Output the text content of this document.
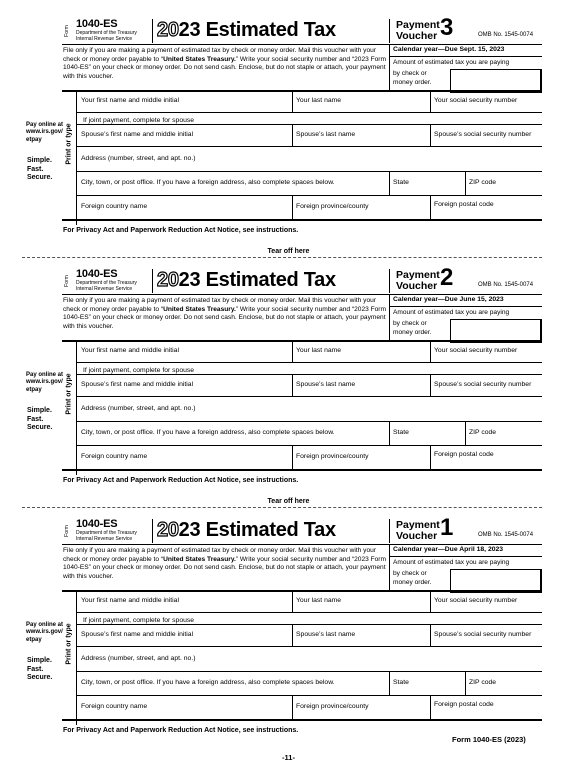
Form
1040-ES
Department of the Treasury
Internal Revenue Service 2023 Estimated Tax	Payment
Voucher 3	OMB No. 1545-0074
File only if you are making a payment of estimated tax by check or money order. Mail this voucher with your check or money order payable to “United States Treasury.” Write your social security number and “2023 Form 1040-ES” on your check or money order. Do not send cash. Enclose, but do not staple or attach, your payment with this voucher.
Calendar year—Due Sept. 15, 2023
Amount of estimated tax you are paying
by check or
money order.
Print or type
Your first name and middle initial	Your last name	Your social security number
If joint payment, complete for spouse
Spouse’s first name and middle initial	Spouse’s last name	Spouse’s social security number
Address (number, street, and apt. no.)
City, town, or post office. If you have a foreign address, also complete spaces below.	State	ZIP code
Foreign country name	Foreign province/county	Foreign postal code
Pay online at
www.irs.gov/
etpay
Simple.
Fast.
Secure.
For Privacy Act and Paperwork Reduction Act Notice, see instructions.
Form
1040-ES
Department of the Treasury
Internal Revenue Service 2023 Estimated Tax	Payment
Voucher 2	OMB No. 1545-0074
File only if you are making a payment of estimated tax by check or money order. Mail this voucher with your check or money order payable to “United States Treasury.” Write your social security number and “2023 Form 1040-ES” on your check or money order. Do not send cash. Enclose, but do not staple or attach, your payment with this voucher.
Calendar year—Due June 15, 2023
Amount of estimated tax you are paying
by check or
money order.
Print or type
Your first name and middle initial	Your last name	Your social security number
If joint payment, complete for spouse
Spouse’s first name and middle initial	Spouse’s last name	Spouse’s social security number
Address (number, street, and apt. no.)
City, town, or post office. If you have a foreign address, also complete spaces below.	State	ZIP code
Foreign country name	Foreign province/county	Foreign postal code
Pay online at
www.irs.gov/
etpay
Simple.
Fast.
Secure.
For Privacy Act and Paperwork Reduction Act Notice, see instructions.
Form
1040-ES
Department of the Treasury
Internal Revenue Service 2023 Estimated Tax	Payment
Voucher 1	OMB No. 1545-0074
File only if you are making a payment of estimated tax by check or money order. Mail this voucher with your check or money order payable to “United States Treasury.” Write your social security number and “2023 Form 1040-ES” on your check or money order. Do not send cash. Enclose, but do not staple or attach, your payment with this voucher.
Calendar year—Due April 18, 2023
Amount of estimated tax you are paying
by check or
money order.
Print or type
Your first name and middle initial	Your last name	Your social security number
If joint payment, complete for spouse
Spouse’s first name and middle initial	Spouse’s last name	Spouse’s social security number
Address (number, street, and apt. no.)
City, town, or post office. If you have a foreign address, also complete spaces below.	State	ZIP code
Foreign country name	Foreign province/county	Foreign postal code
Pay online at
www.irs.gov/
etpay
Simple.
Fast.
Secure.
For Privacy Act and Paperwork Reduction Act Notice, see instructions.
Tear off here
Tear off here
-11-
Form 1040-ES (2023)
